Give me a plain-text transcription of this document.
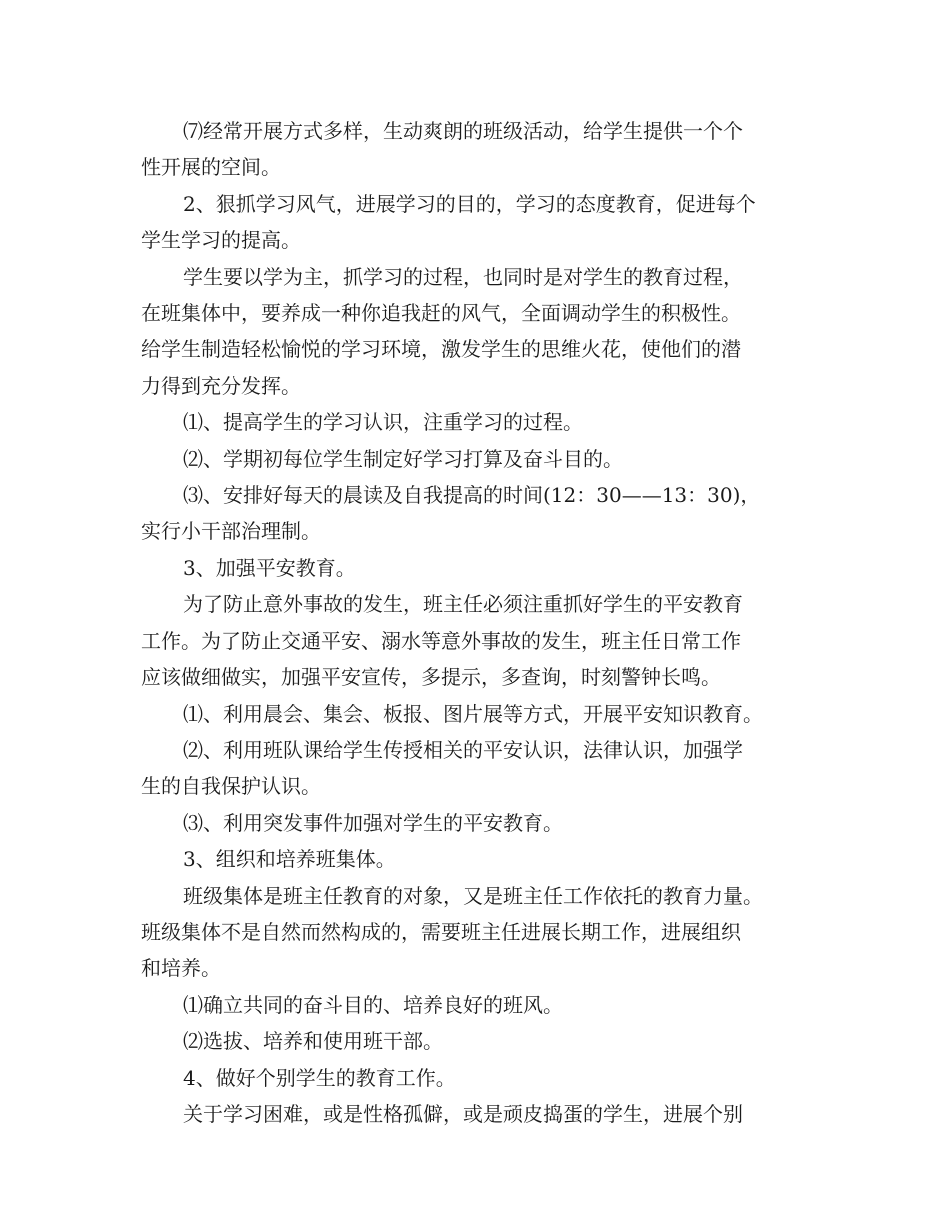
⑺经常开展方式多样，生动爽朗的班级活动，给学生提供一个个

性开展的空间。

2、狠抓学习风气，进展学习的目的，学习的态度教育，促进每个

学生学习的提高。

学生要以学为主，抓学习的过程，也同时是对学生的教育过程，

在班集体中，要养成一种你追我赶的风气，全面调动学生的积极性。

给学生制造轻松愉悦的学习环境，激发学生的思维火花，使他们的潜

力得到充分发挥。

⑴、提高学生的学习认识，注重学习的过程。

⑵、学期初每位学生制定好学习打算及奋斗目的。

⑶、安排好每天的晨读及自我提高的时间(12：30——13：30)，

实行小干部治理制。

3、加强平安教育。

为了防止意外事故的发生，班主任必须注重抓好学生的平安教育

工作。为了防止交通平安、溺水等意外事故的发生，班主任日常工作

应该做细做实，加强平安宣传，多提示，多查询，时刻警钟长鸣。

⑴、利用晨会、集会、板报、图片展等方式，开展平安知识教育。

⑵、利用班队课给学生传授相关的平安认识，法律认识，加强学

生的自我保护认识。

⑶、利用突发事件加强对学生的平安教育。

3、组织和培养班集体。

班级集体是班主任教育的对象，又是班主任工作依托的教育力量。

班级集体不是自然而然构成的，需要班主任进展长期工作，进展组织

和培养。

⑴确立共同的奋斗目的、培养良好的班风。

⑵选拔、培养和使用班干部。

4、做好个别学生的教育工作。

关于学习困难，或是性格孤僻，或是顽皮捣蛋的学生，进展个别
